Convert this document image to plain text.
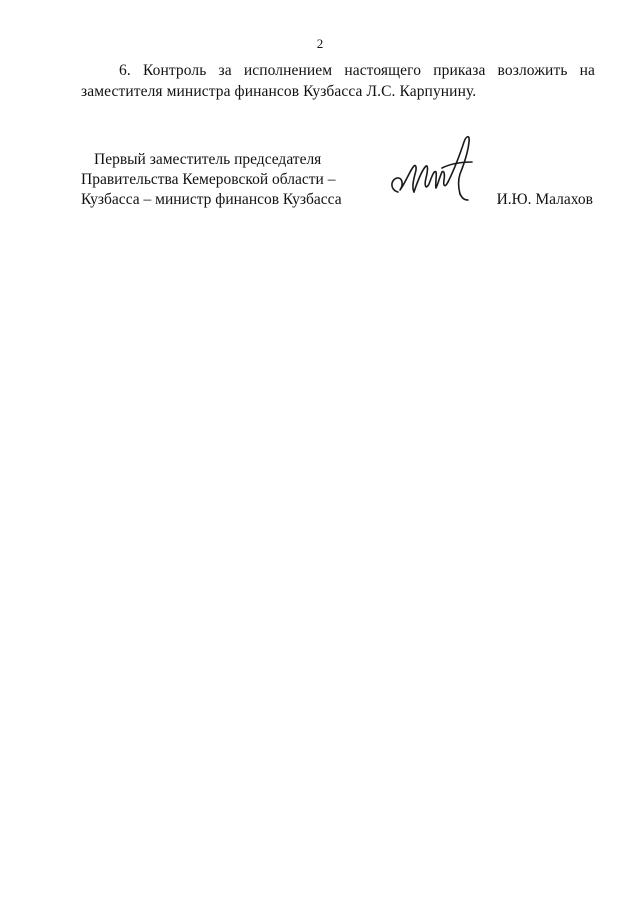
2

6. Контроль за исполнением настоящего приказа возложить на заместителя министра финансов Кузбасса Л.С. Карпунину.

Первый заместитель председателя
Правительства Кемеровской области –
Кузбасса – министр финансов Кузбасса	И.Ю. Малахов
